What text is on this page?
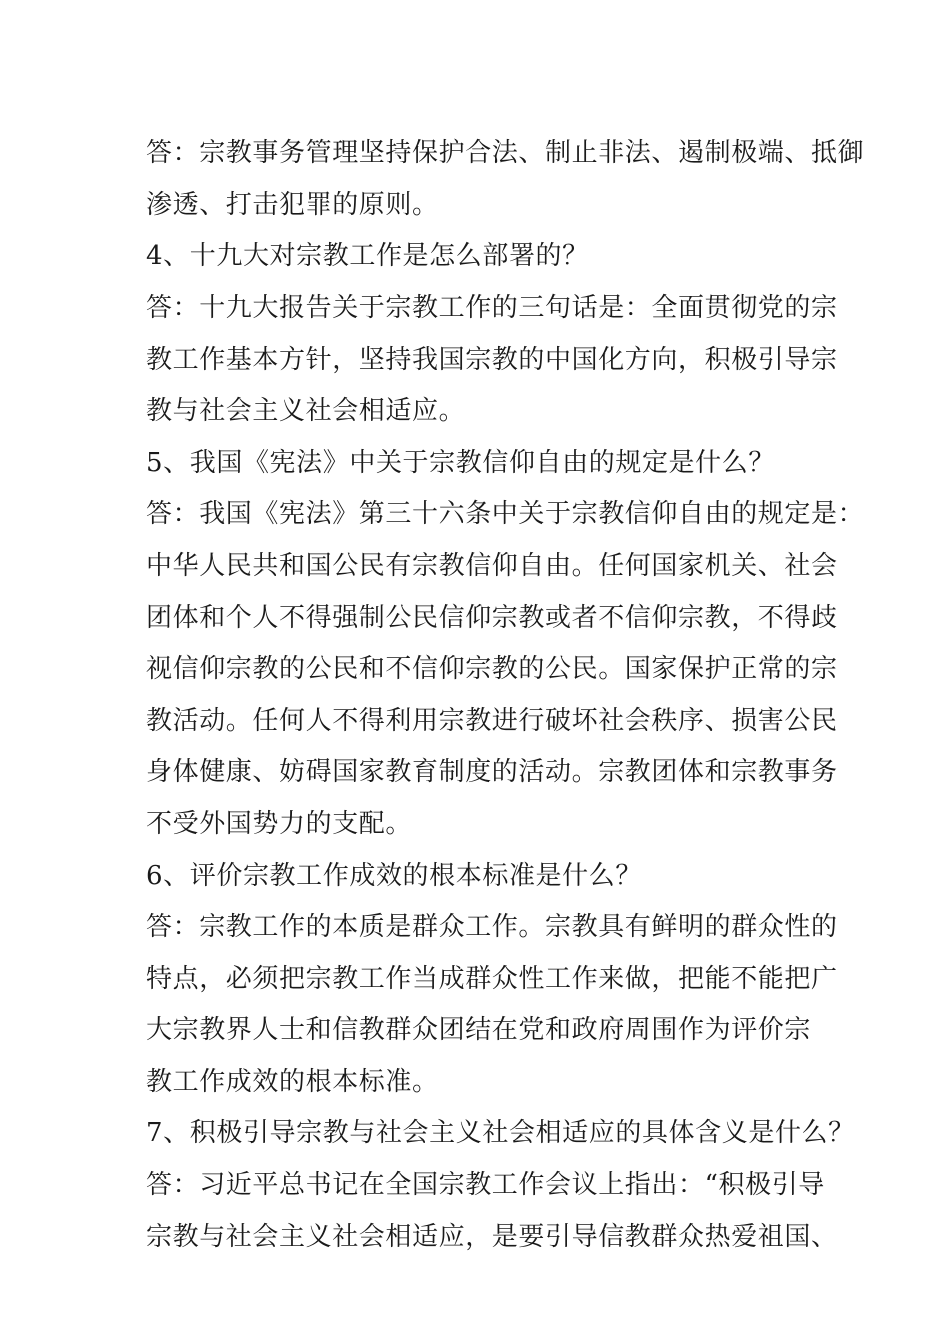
答：宗教事务管理坚持保护合法、制止非法、遏制极端、抵御

渗透、打击犯罪的原则。

4、十九大对宗教工作是怎么部署的？

答：十九大报告关于宗教工作的三句话是：全面贯彻党的宗

教工作基本方针，坚持我国宗教的中国化方向，积极引导宗

教与社会主义社会相适应。

5、我国《宪法》中关于宗教信仰自由的规定是什么？

答：我国《宪法》第三十六条中关于宗教信仰自由的规定是：

中华人民共和国公民有宗教信仰自由。任何国家机关、社会

团体和个人不得强制公民信仰宗教或者不信仰宗教，不得歧

视信仰宗教的公民和不信仰宗教的公民。国家保护正常的宗

教活动。任何人不得利用宗教进行破坏社会秩序、损害公民

身体健康、妨碍国家教育制度的活动。宗教团体和宗教事务

不受外国势力的支配。

6、评价宗教工作成效的根本标准是什么？

答：宗教工作的本质是群众工作。宗教具有鲜明的群众性的

特点，必须把宗教工作当成群众性工作来做，把能不能把广

大宗教界人士和信教群众团结在党和政府周围作为评价宗

教工作成效的根本标准。

7、积极引导宗教与社会主义社会相适应的具体含义是什么？

答：习近平总书记在全国宗教工作会议上指出：“积极引导

宗教与社会主义社会相适应，是要引导信教群众热爱祖国、
